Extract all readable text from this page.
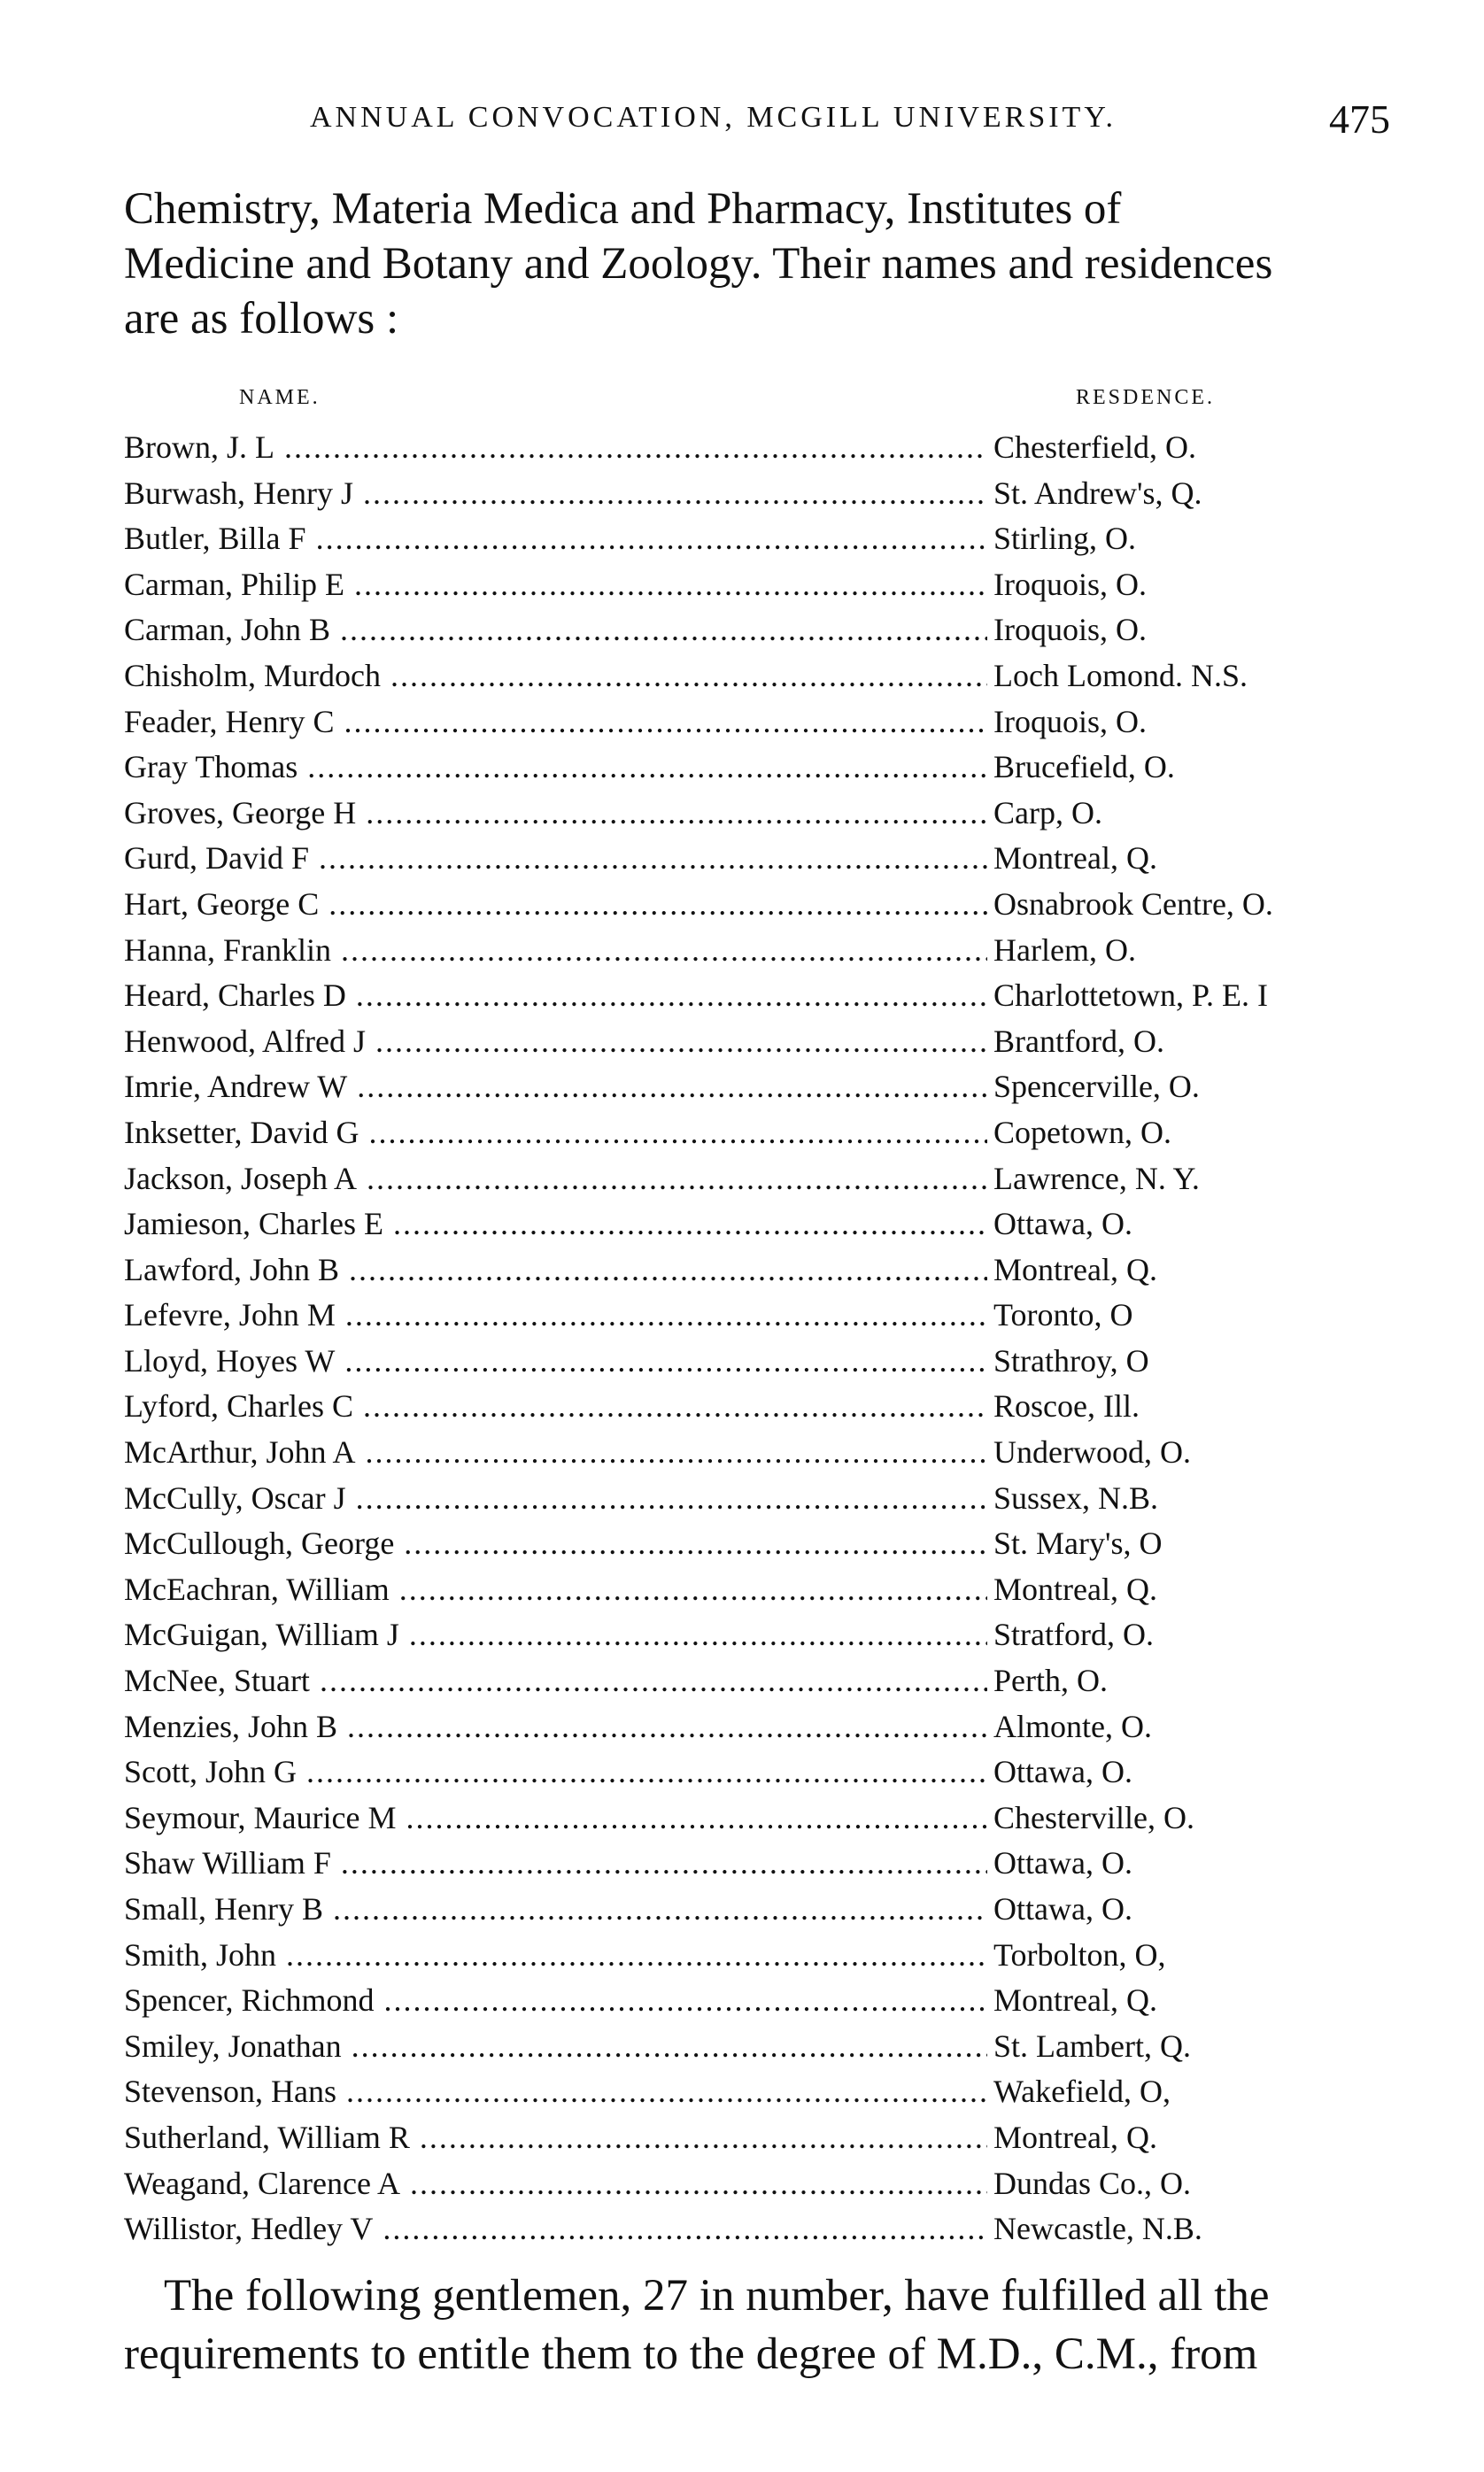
ANNUAL CONVOCATION, MCGILL UNIVERSITY.	475
Chemistry, Materia Medica and Pharmacy, Institutes of
Medicine and Botany and Zoology. Their names and residences
are as follows :
NAME.	RESDENCE.
Brown, J. L .....	Chesterfield, O.
Burwash, Henry J .....	St. Andrew's, Q.
Butler, Billa F .....	Stirling, O.
Carman, Philip E .....	Iroquois, O.
Carman, John B .....	Iroquois, O.
Chisholm, Murdoch .....	Loch Lomond. N.S.
Feader, Henry C .....	Iroquois, O.
Gray Thomas .....	Brucefield, O.
Groves, George H .....	Carp, O.
Gurd, David F .....	Montreal, Q.
Hart, George C .....	Osnabrook Centre, O.
Hanna, Franklin .....	Harlem, O.
Heard, Charles D .....	Charlottetown, P. E. I
Henwood, Alfred J .....	Brantford, O.
Imrie, Andrew W .....	Spencerville, O.
Inksetter, David G .....	Copetown, O.
Jackson, Joseph A .....	Lawrence, N. Y.
Jamieson, Charles E .....	Ottawa, O.
Lawford, John B .....	Montreal, Q.
Lefevre, John M .....	Toronto, O
Lloyd, Hoyes W .....	Strathroy, O
Lyford, Charles C .....	Roscoe, Ill.
McArthur, John A .....	Underwood, O.
McCully, Oscar J .....	Sussex, N.B.
McCullough, George .....	St. Mary's, O
McEachran, William .....	Montreal, Q.
McGuigan, William J .....	Stratford, O.
McNee, Stuart .....	Perth, O.
Menzies, John B .....	Almonte, O.
Scott, John G .....	Ottawa, O.
Seymour, Maurice M .....	Chesterville, O.
Shaw William F .....	Ottawa, O.
Small, Henry B .....	Ottawa, O.
Smith, John .....	Torbolton, O,
Spencer, Richmond .....	Montreal, Q.
Smiley, Jonathan .....	St. Lambert, Q.
Stevenson, Hans .....	Wakefield, O,
Sutherland, William R .....	Montreal, Q.
Weagand, Clarence A .....	Dundas Co., O.
Willistor, Hedley V .....	Newcastle, N.B.
The following gentlemen, 27 in number, have fulfilled all the
requirements to entitle them to the degree of M.D., C.M., from
